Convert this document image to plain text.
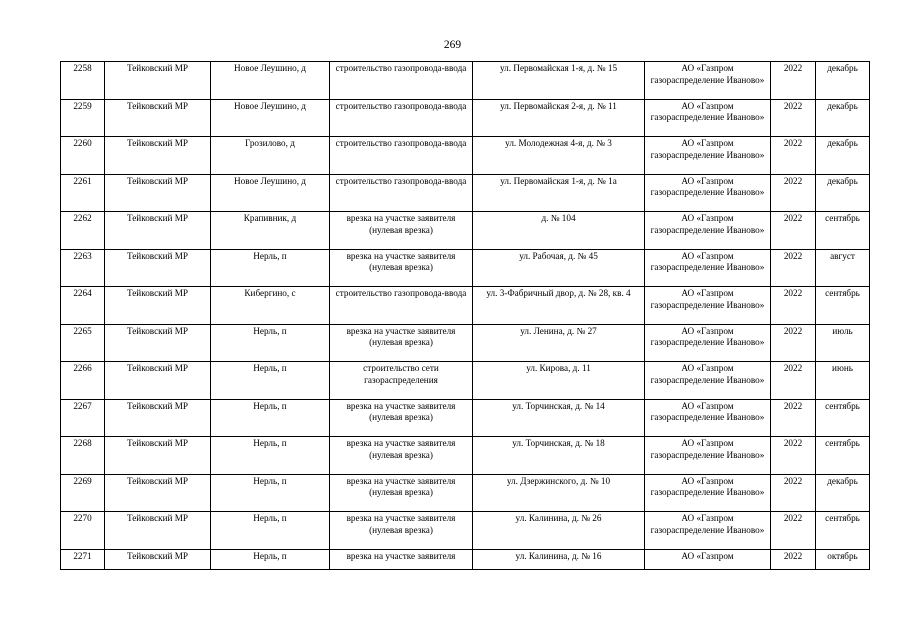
269
2258	Тейковский МР	Новое Леушино, д	строительство газопровода-ввода	ул. Первомайская 1-я, д. № 15	АО «Газпром газораспределение Иваново»	2022	декабрь
2259	Тейковский МР	Новое Леушино, д	строительство газопровода-ввода	ул. Первомайская 2-я, д. № 11	АО «Газпром газораспределение Иваново»	2022	декабрь
2260	Тейковский МР	Грозилово, д	строительство газопровода-ввода	ул. Молодежная 4-я, д. № 3	АО «Газпром газораспределение Иваново»	2022	декабрь
2261	Тейковский МР	Новое Леушино, д	строительство газопровода-ввода	ул. Первомайская 1-я, д. № 1а	АО «Газпром газораспределение Иваново»	2022	декабрь
2262	Тейковский МР	Крапивник, д	врезка на участке заявителя (нулевая врезка)	д. № 104	АО «Газпром газораспределение Иваново»	2022	сентябрь
2263	Тейковский МР	Нерль, п	врезка на участке заявителя (нулевая врезка)	ул. Рабочая, д. № 45	АО «Газпром газораспределение Иваново»	2022	август
2264	Тейковский МР	Кибергино, с	строительство газопровода-ввода	ул. 3-Фабричный двор, д. № 28, кв. 4	АО «Газпром газораспределение Иваново»	2022	сентябрь
2265	Тейковский МР	Нерль, п	врезка на участке заявителя (нулевая врезка)	ул. Ленина, д. № 27	АО «Газпром газораспределение Иваново»	2022	июль
2266	Тейковский МР	Нерль, п	строительство сети газораспределения	ул. Кирова, д. 11	АО «Газпром газораспределение Иваново»	2022	июнь
2267	Тейковский МР	Нерль, п	врезка на участке заявителя (нулевая врезка)	ул. Торчинская, д. № 14	АО «Газпром газораспределение Иваново»	2022	сентябрь
2268	Тейковский МР	Нерль, п	врезка на участке заявителя (нулевая врезка)	ул. Торчинская, д. № 18	АО «Газпром газораспределение Иваново»	2022	сентябрь
2269	Тейковский МР	Нерль, п	врезка на участке заявителя (нулевая врезка)	ул. Дзержинского, д. № 10	АО «Газпром газораспределение Иваново»	2022	декабрь
2270	Тейковский МР	Нерль, п	врезка на участке заявителя (нулевая врезка)	ул. Калинина, д. № 26	АО «Газпром газораспределение Иваново»	2022	сентябрь
2271	Тейковский МР	Нерль, п	врезка на участке заявителя	ул. Калинина, д. № 16	АО «Газпром	2022	октябрь
